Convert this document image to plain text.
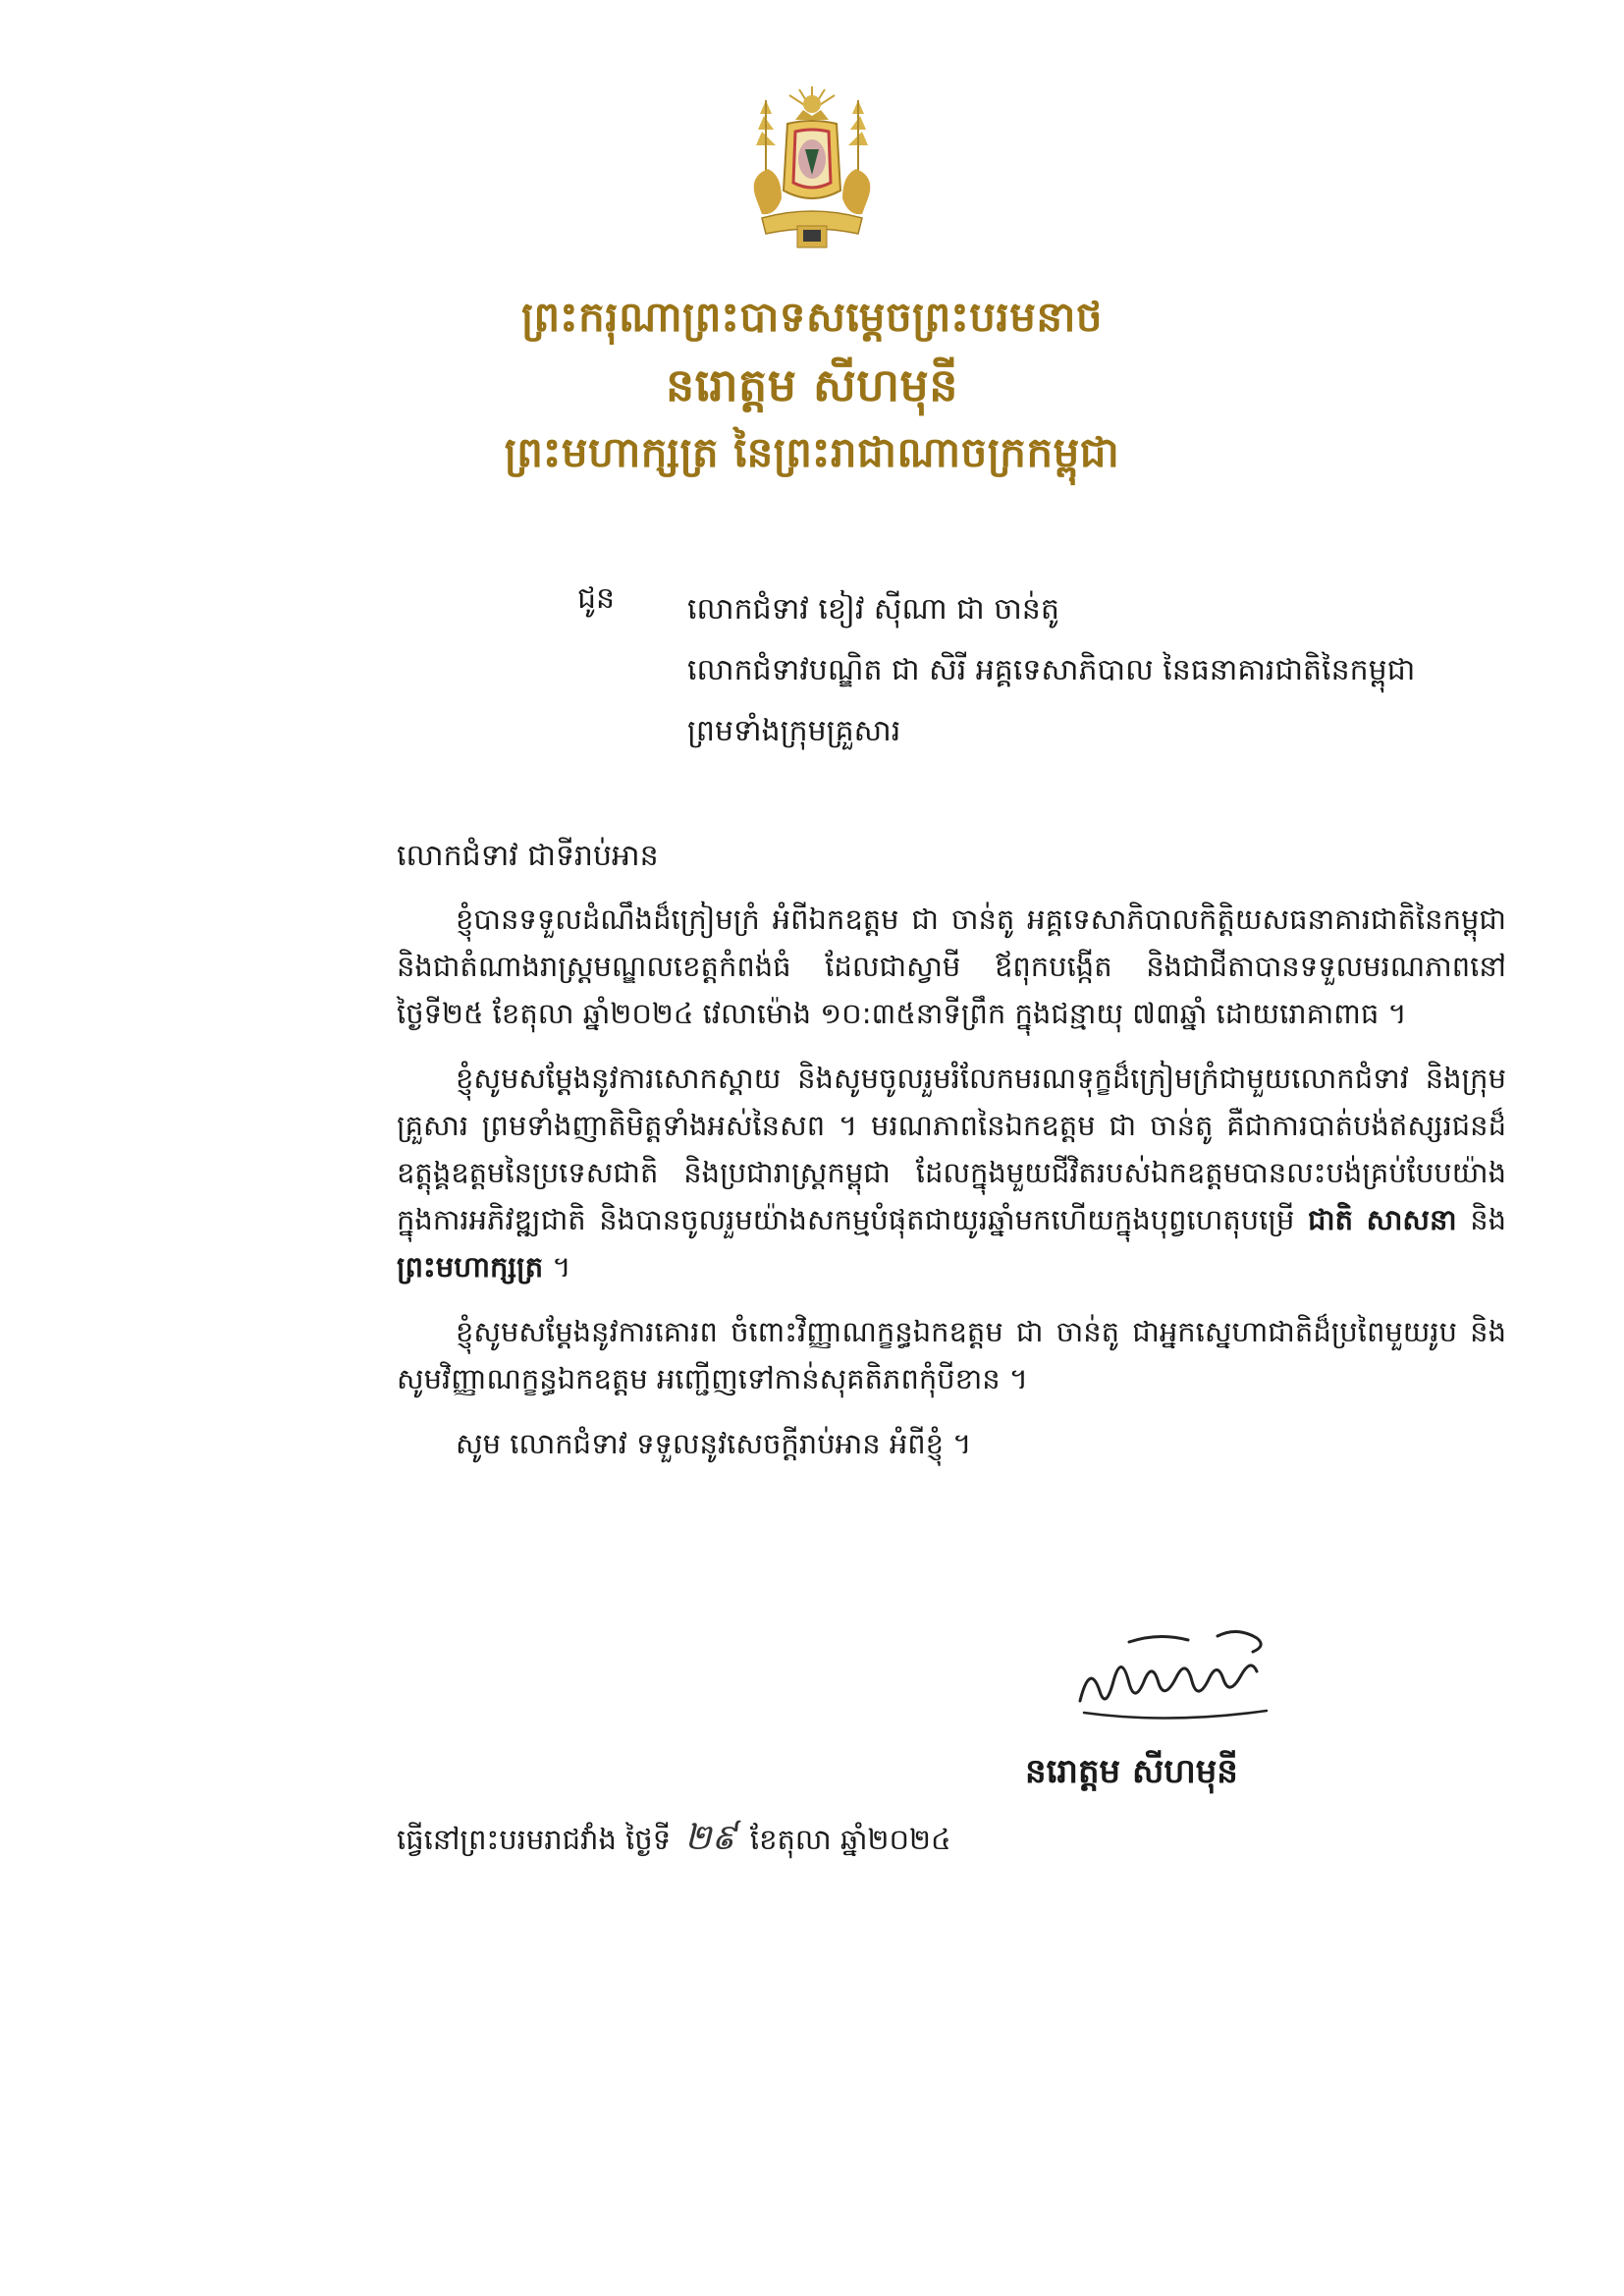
ព្រះករុណាព្រះបាទសម្តេចព្រះបរមនាថ
នរោត្តម សីហមុនី
ព្រះមហាក្សត្រ នៃព្រះរាជាណាចក្រកម្ពុជា
ជូន លោកជំទាវ ខៀវ ស៊ីណា ជា ចាន់តូ
លោកជំទាវបណ្ឌិត ជា សិរី អគ្គទេសាភិបាល នៃធនាគារជាតិនៃកម្ពុជា
ព្រមទាំងក្រុមគ្រួសារ
លោកជំទាវ ជាទីរាប់អាន

ខ្ញុំបានទទួលដំណឹងដ៏ក្រៀមក្រំ អំពីឯកឧត្តម ជា ចាន់តូ អគ្គទេសាភិបាលកិត្តិយសធនាគារជាតិនៃកម្ពុជា និងជាតំណាងរាស្ត្រមណ្ឌលខេត្តកំពង់ធំ ដែលជាស្វាមី ឪពុកបង្កើត និងជាជីតាបានទទួលមរណភាពនៅថ្ងៃទី២៥ ខែតុលា ឆ្នាំ២០២៤ វេលាម៉ោង ១០:៣៥នាទីព្រឹក ក្នុងជន្មាយុ ៧៣ឆ្នាំ ដោយរោគាពាធ ។

ខ្ញុំសូមសម្តែងនូវការសោកស្តាយ និងសូមចូលរួមរំលែកមរណទុក្ខដ៏ក្រៀមក្រំជាមួយលោកជំទាវ និងក្រុមគ្រួសារ ព្រមទាំងញាតិមិត្តទាំងអស់នៃសព ។ មរណភាពនៃឯកឧត្តម ជា ចាន់តូ គឺជាការបាត់បង់ឥស្សរជនដ៏ឧត្តុង្គឧត្តមនៃប្រទេសជាតិ និងប្រជារាស្ត្រកម្ពុជា ដែលក្នុងមួយជីវិតរបស់ឯកឧត្តមបានលះបង់គ្រប់បែបយ៉ាងក្នុងការអភិវឌ្ឍជាតិ និងបានចូលរួមយ៉ាងសកម្មបំផុតជាយូរឆ្នាំមកហើយក្នុងបុព្វហេតុបម្រើ ជាតិ សាសនា និង ព្រះមហាក្សត្រ ។

ខ្ញុំសូមសម្តែងនូវការគោរព ចំពោះវិញ្ញាណក្ខន្ធឯកឧត្តម ជា ចាន់តូ ជាអ្នកស្នេហាជាតិដ៏ប្រពៃមួយរូប និងសូមវិញ្ញាណក្ខន្ធឯកឧត្តម អញ្ជើញទៅកាន់សុគតិភពកុំបីខាន ។

សូម លោកជំទាវ ទទួលនូវសេចក្តីរាប់អាន អំពីខ្ញុំ ។

នរោត្តម សីហមុនី
ធ្វើនៅព្រះបរមរាជវាំង ថ្ងៃទី ២៩ ខែតុលា ឆ្នាំ២០២៤
